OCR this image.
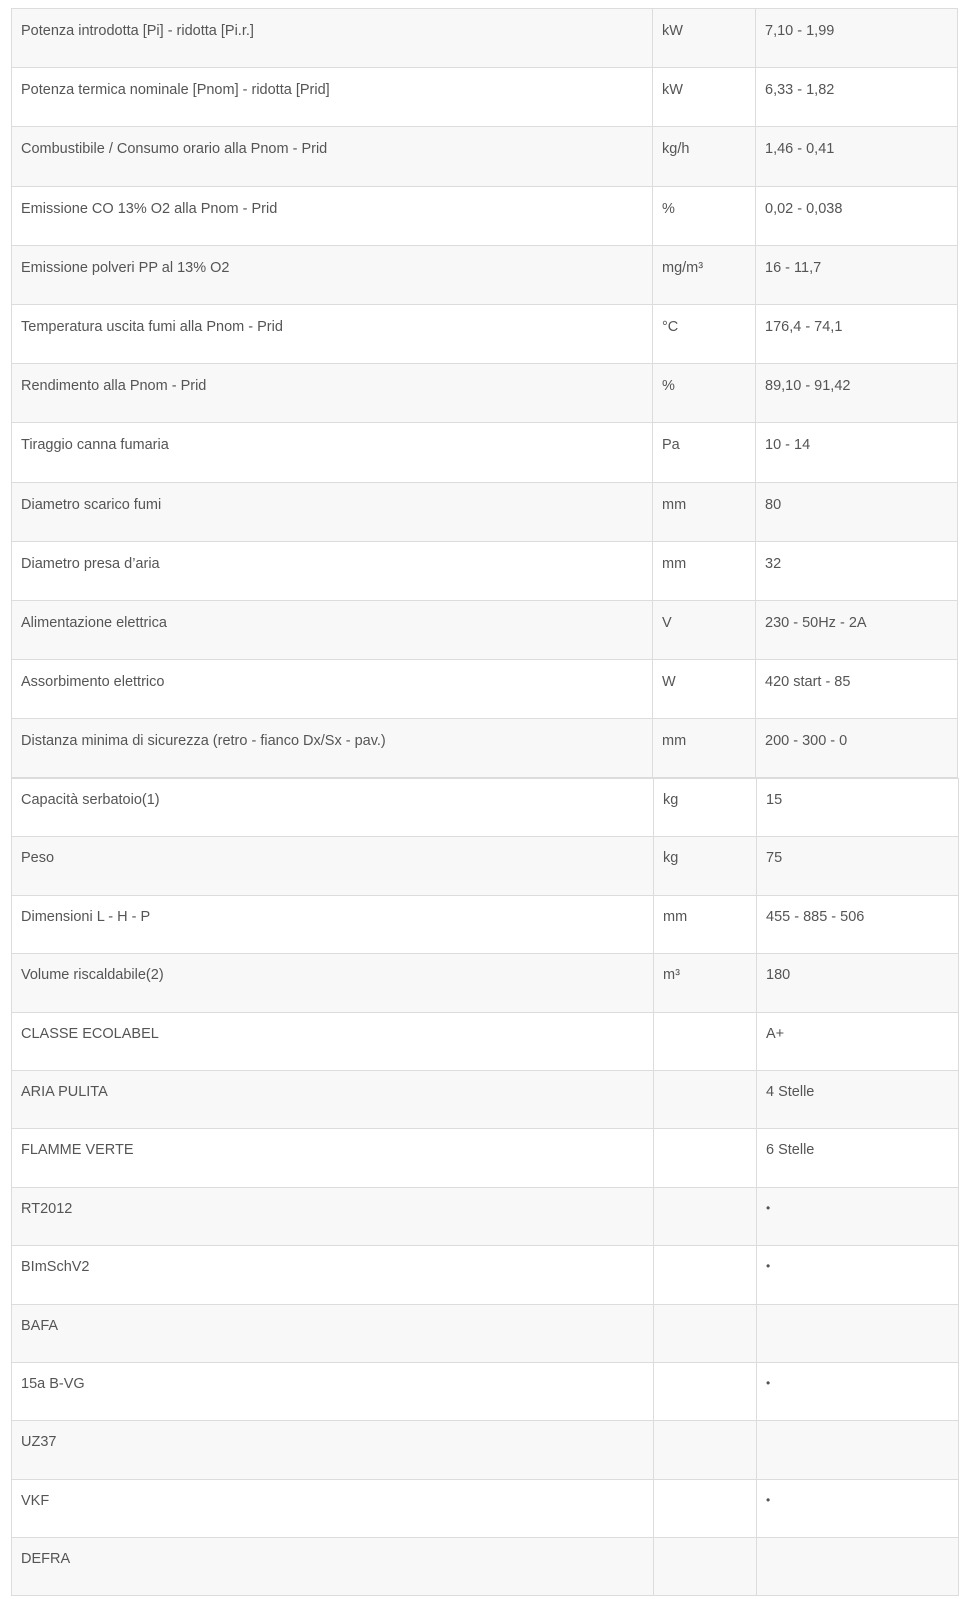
Potenza introdotta [Pi] - ridotta [Pi.r.]	kW	7,10 - 1,99
Potenza termica nominale [Pnom] - ridotta [Prid]	kW	6,33 - 1,82
Combustibile / Consumo orario alla Pnom - Prid	kg/h	1,46 - 0,41
Emissione CO 13% O2 alla Pnom - Prid	%	0,02 - 0,038
Emissione polveri PP al 13% O2	mg/m³	16 - 11,7
Temperatura uscita fumi alla Pnom - Prid	°C	176,4 - 74,1
Rendimento alla Pnom - Prid	%	89,10 - 91,42
Tiraggio canna fumaria	Pa	10 - 14
Diametro scarico fumi	mm	80
Diametro presa d’aria	mm	32
Alimentazione elettrica	V	230 - 50Hz - 2A
Assorbimento elettrico	W	420 start - 85
Distanza minima di sicurezza (retro - fianco Dx/Sx - pav.)	mm	200 - 300 - 0
Capacità serbatoio(1)	kg	15
Peso	kg	75
Dimensioni L - H - P	mm	455 - 885 - 506
Volume riscaldabile(2)	m³	180
CLASSE ECOLABEL		A+
ARIA PULITA		4 Stelle
FLAMME VERTE		6 Stelle
RT2012		•
BImSchV2		•
BAFA		
15a B-VG		•
UZ37		
VKF		•
DEFRA		
